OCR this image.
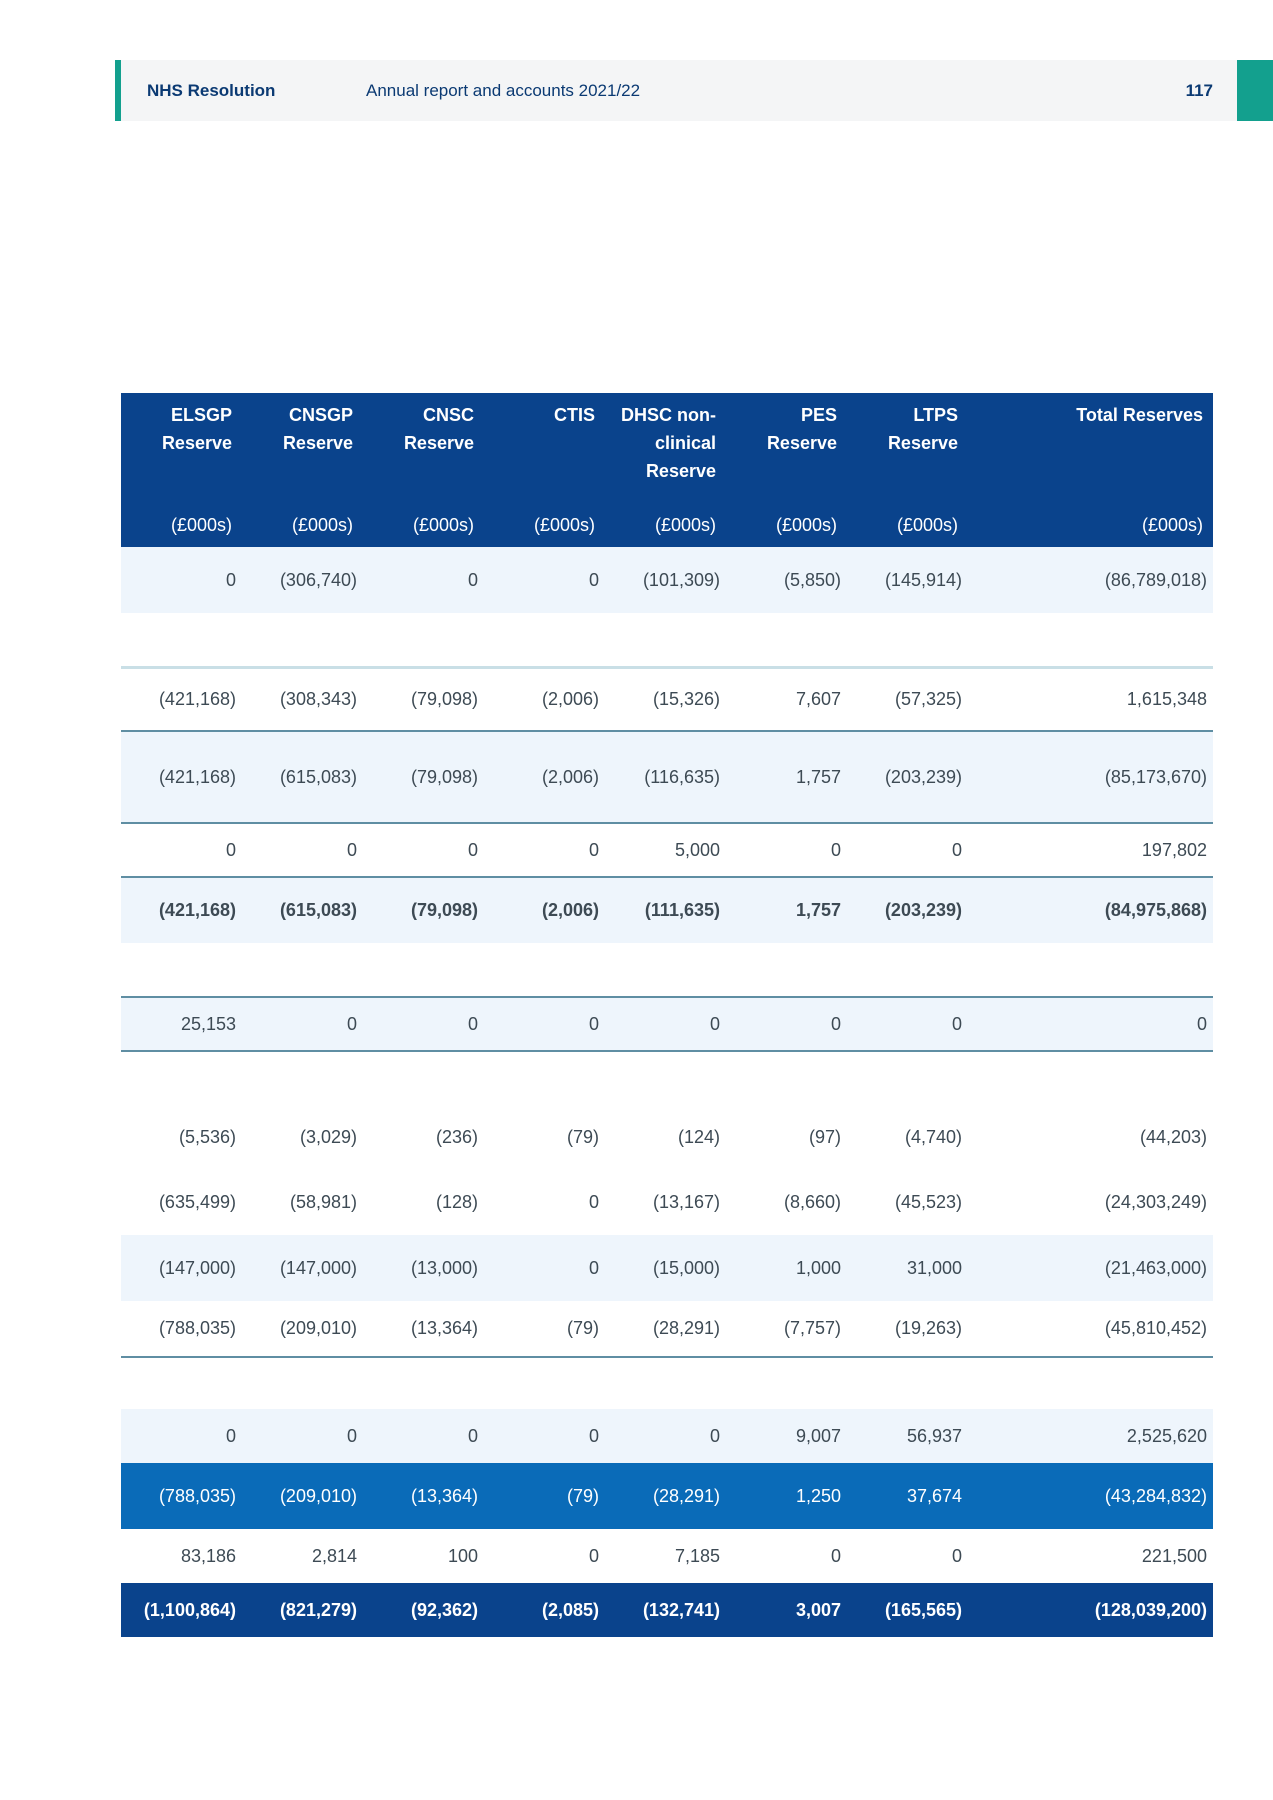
NHS Resolution	Annual report and accounts 2021/22	117
ELSGP Reserve	CNSGP Reserve	CNSC Reserve	CTIS	DHSC non-clinical Reserve	PES Reserve	LTPS Reserve	Total Reserves
(£000s)	(£000s)	(£000s)	(£000s)	(£000s)	(£000s)	(£000s)	(£000s)
0	(306,740)	0	0	(101,309)	(5,850)	(145,914)	(86,789,018)

(421,168)	(308,343)	(79,098)	(2,006)	(15,326)	7,607	(57,325)	1,615,348
(421,168)	(615,083)	(79,098)	(2,006)	(116,635)	1,757	(203,239)	(85,173,670)
0	0	0	0	5,000	0	0	197,802
(421,168)	(615,083)	(79,098)	(2,006)	(111,635)	1,757	(203,239)	(84,975,868)

25,153	0	0	0	0	0	0	0

(5,536)	(3,029)	(236)	(79)	(124)	(97)	(4,740)	(44,203)
(635,499)	(58,981)	(128)	0	(13,167)	(8,660)	(45,523)	(24,303,249)
(147,000)	(147,000)	(13,000)	0	(15,000)	1,000	31,000	(21,463,000)
(788,035)	(209,010)	(13,364)	(79)	(28,291)	(7,757)	(19,263)	(45,810,452)

0	0	0	0	0	9,007	56,937	2,525,620
(788,035)	(209,010)	(13,364)	(79)	(28,291)	1,250	37,674	(43,284,832)
83,186	2,814	100	0	7,185	0	0	221,500
(1,100,864)	(821,279)	(92,362)	(2,085)	(132,741)	3,007	(165,565)	(128,039,200)
